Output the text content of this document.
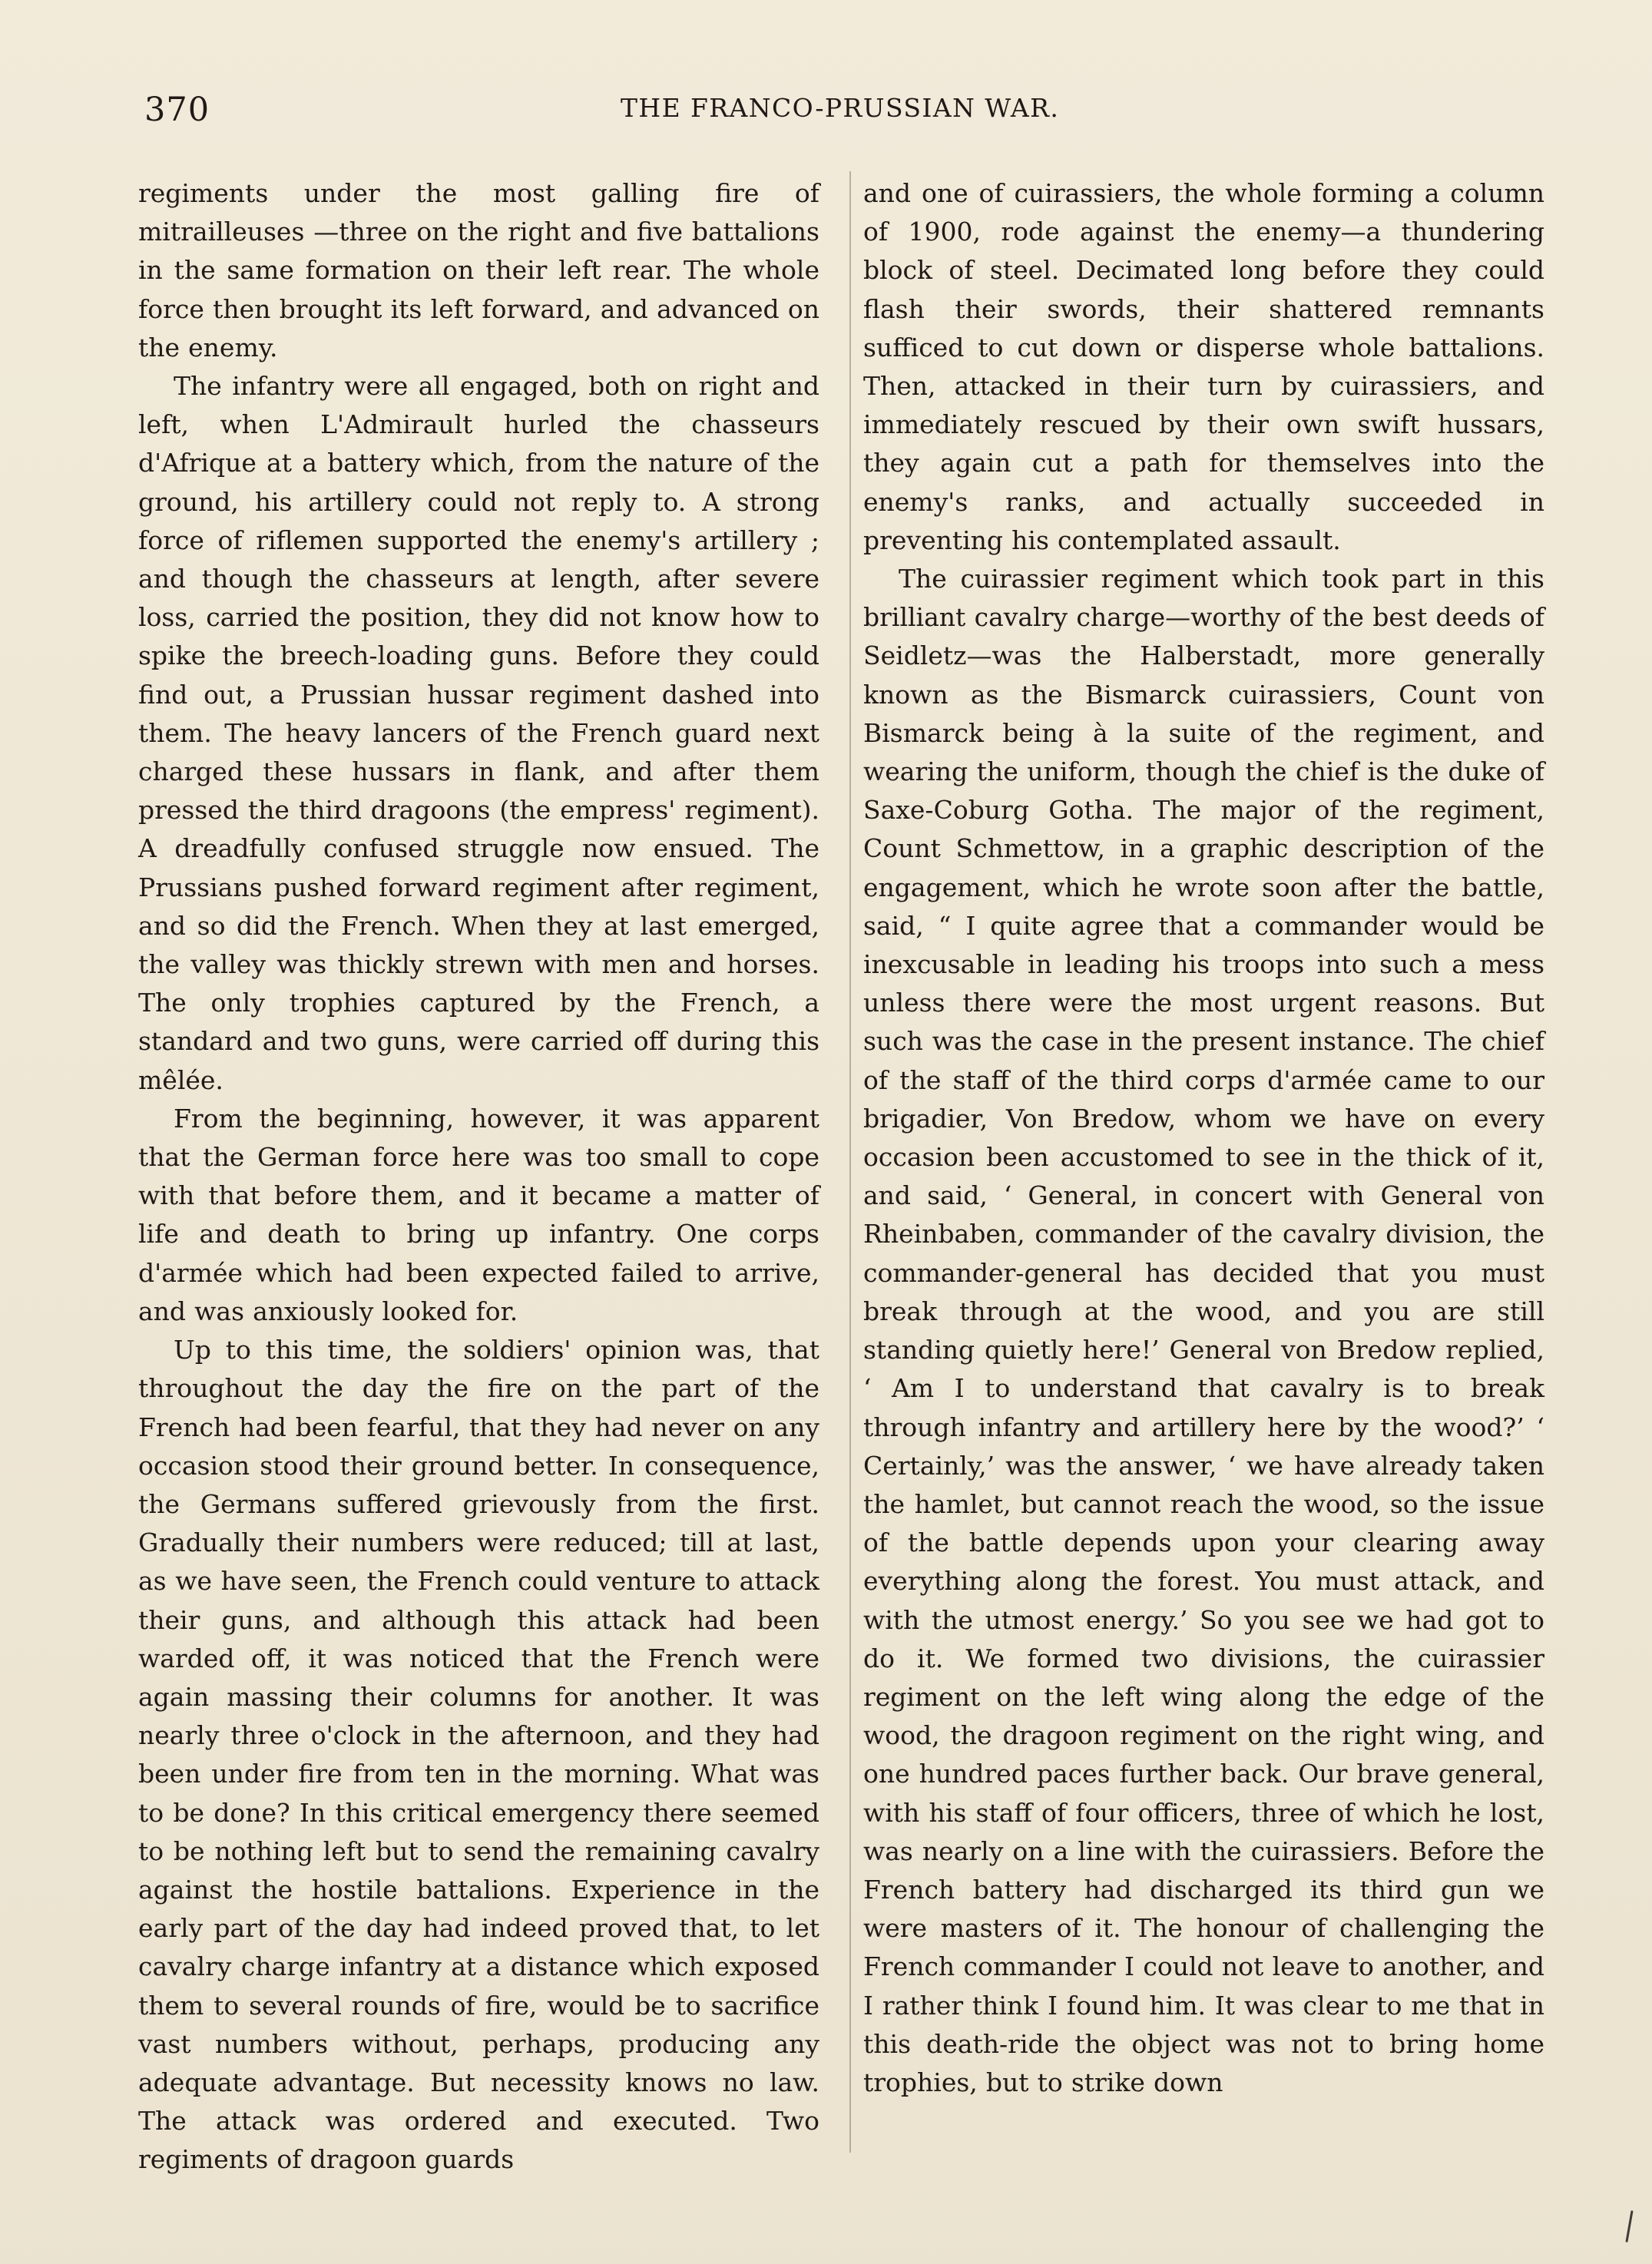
370	THE FRANCO-PRUSSIAN WAR.

regiments under the most galling fire of mitrailleuses —three on the right and five battalions in the same formation on their left rear. The whole force then brought its left forward, and advanced on the enemy.

The infantry were all engaged, both on right and left, when L'Admirault hurled the chasseurs d'Afrique at a battery which, from the nature of the ground, his artillery could not reply to. A strong force of riflemen supported the enemy's artillery ; and though the chasseurs at length, after severe loss, carried the position, they did not know how to spike the breech-loading guns. Before they could find out, a Prussian hussar regiment dashed into them. The heavy lancers of the French guard next charged these hussars in flank, and after them pressed the third dragoons (the empress' regiment). A dreadfully confused struggle now ensued. The Prussians pushed forward regiment after regiment, and so did the French. When they at last emerged, the valley was thickly strewn with men and horses. The only trophies captured by the French, a standard and two guns, were carried off during this mêlée.

From the beginning, however, it was apparent that the German force here was too small to cope with that before them, and it became a matter of life and death to bring up infantry. One corps d'armée which had been expected failed to arrive, and was anxiously looked for.

Up to this time, the soldiers' opinion was, that throughout the day the fire on the part of the French had been fearful, that they had never on any occasion stood their ground better. In consequence, the Germans suffered grievously from the first. Gradually their numbers were reduced; till at last, as we have seen, the French could venture to attack their guns, and although this attack had been warded off, it was noticed that the French were again massing their columns for another. It was nearly three o'clock in the afternoon, and they had been under fire from ten in the morning. What was to be done? In this critical emergency there seemed to be nothing left but to send the remaining cavalry against the hostile battalions. Experience in the early part of the day had indeed proved that, to let cavalry charge infantry at a distance which exposed them to several rounds of fire, would be to sacrifice vast numbers without, perhaps, producing any adequate advantage. But necessity knows no law. The attack was ordered and executed. Two regiments of dragoon guards

and one of cuirassiers, the whole forming a column of 1900, rode against the enemy—a thundering block of steel. Decimated long before they could flash their swords, their shattered remnants sufficed to cut down or disperse whole battalions. Then, attacked in their turn by cuirassiers, and immediately rescued by their own swift hussars, they again cut a path for themselves into the enemy's ranks, and actually succeeded in preventing his contemplated assault.

The cuirassier regiment which took part in this brilliant cavalry charge—worthy of the best deeds of Seidletz—was the Halberstadt, more generally known as the Bismarck cuirassiers, Count von Bismarck being à la suite of the regiment, and wearing the uniform, though the chief is the duke of Saxe-Coburg Gotha. The major of the regiment, Count Schmettow, in a graphic description of the engagement, which he wrote soon after the battle, said, “ I quite agree that a commander would be inexcusable in leading his troops into such a mess unless there were the most urgent reasons. But such was the case in the present instance. The chief of the staff of the third corps d'armée came to our brigadier, Von Bredow, whom we have on every occasion been accustomed to see in the thick of it, and said, ‘ General, in concert with General von Rheinbaben, commander of the cavalry division, the commander-general has decided that you must break through at the wood, and you are still standing quietly here!’ General von Bredow replied, ‘ Am I to understand that cavalry is to break through infantry and artillery here by the wood?’ ‘ Certainly,’ was the answer, ‘ we have already taken the hamlet, but cannot reach the wood, so the issue of the battle depends upon your clearing away everything along the forest. You must attack, and with the utmost energy.’ So you see we had got to do it. We formed two divisions, the cuirassier regiment on the left wing along the edge of the wood, the dragoon regiment on the right wing, and one hundred paces further back. Our brave general, with his staff of four officers, three of which he lost, was nearly on a line with the cuirassiers. Before the French battery had discharged its third gun we were masters of it. The honour of challenging the French commander I could not leave to another, and I rather think I found him. It was clear to me that in this death-ride the object was not to bring home trophies, but to strike down
